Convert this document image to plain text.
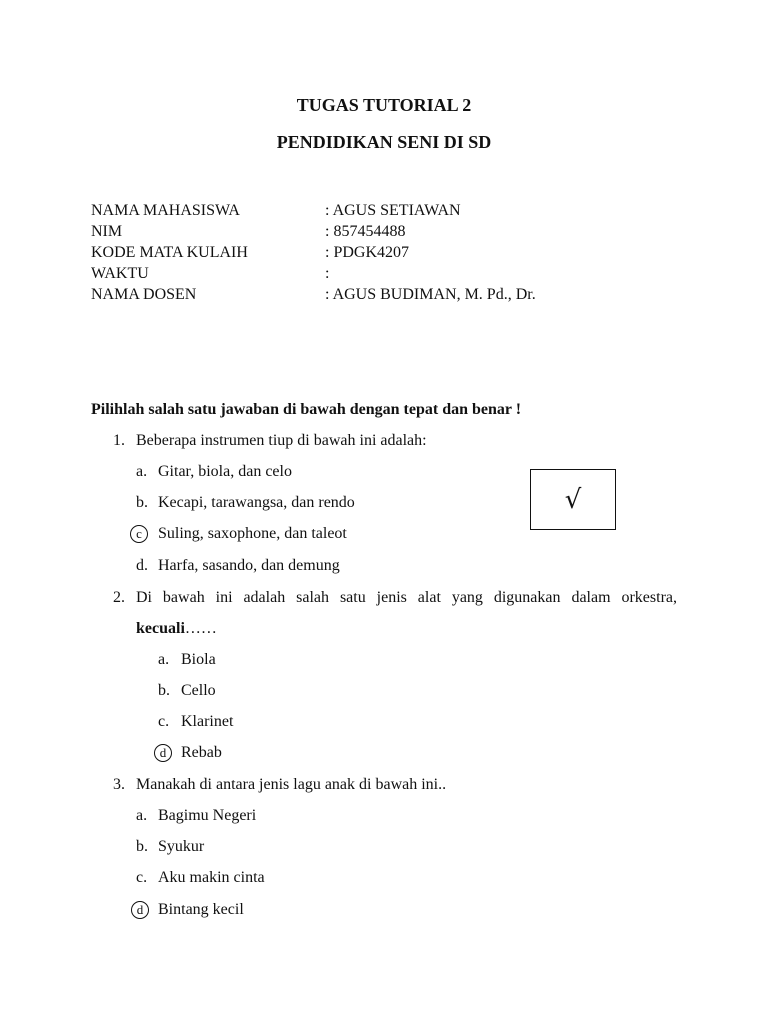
TUGAS TUTORIAL 2
PENDIDIKAN SENI DI SD
NAMA MAHASISWA	: AGUS SETIAWAN
NIM	: 857454488
KODE MATA KULAIH	: PDGK4207
WAKTU	:
NAMA DOSEN	: AGUS BUDIMAN, M. Pd., Dr.
Pilihlah salah satu jawaban di bawah dengan tepat dan benar !
1. Beberapa instrumen tiup di bawah ini adalah:
a. Gitar, biola, dan celo
b. Kecapi, tarawangsa, dan rendo
c	Suling, saxophone, dan taleot
d. Harfa, sasando, dan demung
√
2. Di bawah ini adalah salah satu jenis alat yang digunakan dalam orkestra,
kecuali……
a. Biola
b. Cello
c. Klarinet
d Rebab
3. Manakah di antara jenis lagu anak di bawah ini..
a. Bagimu Negeri
b. Syukur
c. Aku makin cinta
d Bintang kecil
